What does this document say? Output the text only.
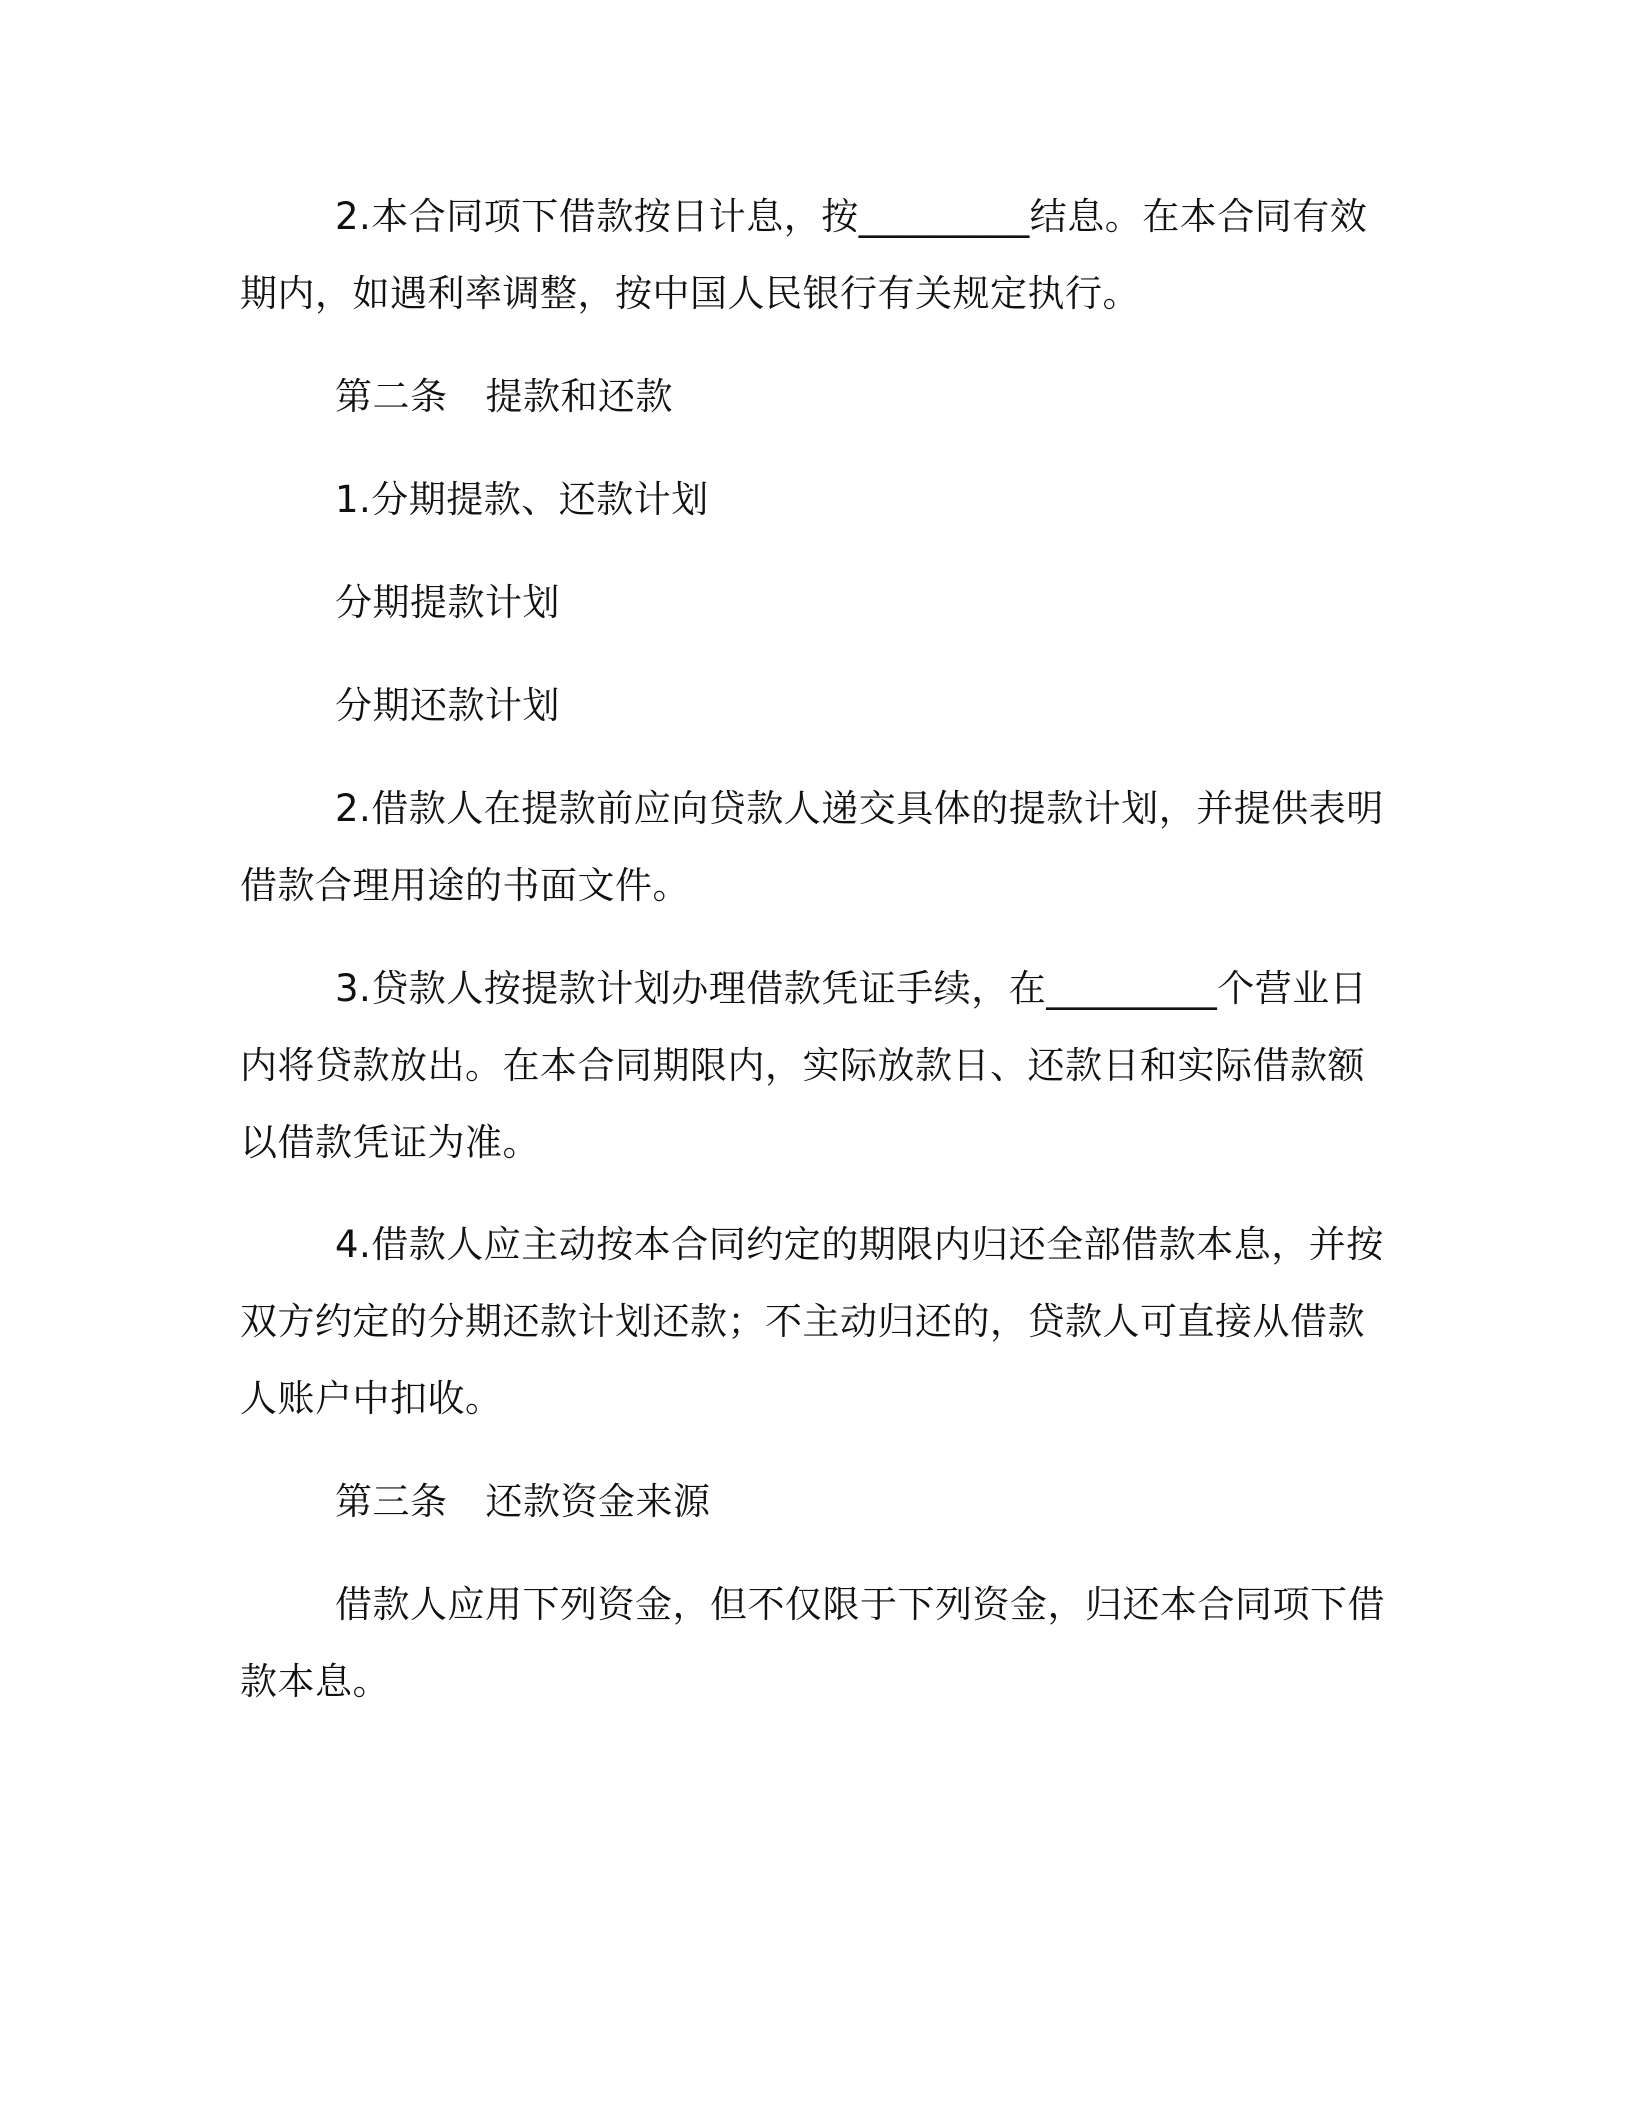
2.本合同项下借款按日计息，按_________结息。在本合同有效
期内，如遇利率调整，按中国人民银行有关规定执行。
第二条 提款和还款
1.分期提款、还款计划
分期提款计划
分期还款计划
2.借款人在提款前应向贷款人递交具体的提款计划，并提供表明
借款合理用途的书面文件。
3.贷款人按提款计划办理借款凭证手续，在_________个营业日
内将贷款放出。在本合同期限内，实际放款日、还款日和实际借款额
以借款凭证为准。
4.借款人应主动按本合同约定的期限内归还全部借款本息，并按
双方约定的分期还款计划还款；不主动归还的，贷款人可直接从借款
人账户中扣收。
第三条 还款资金来源
借款人应用下列资金，但不仅限于下列资金，归还本合同项下借
款本息。
